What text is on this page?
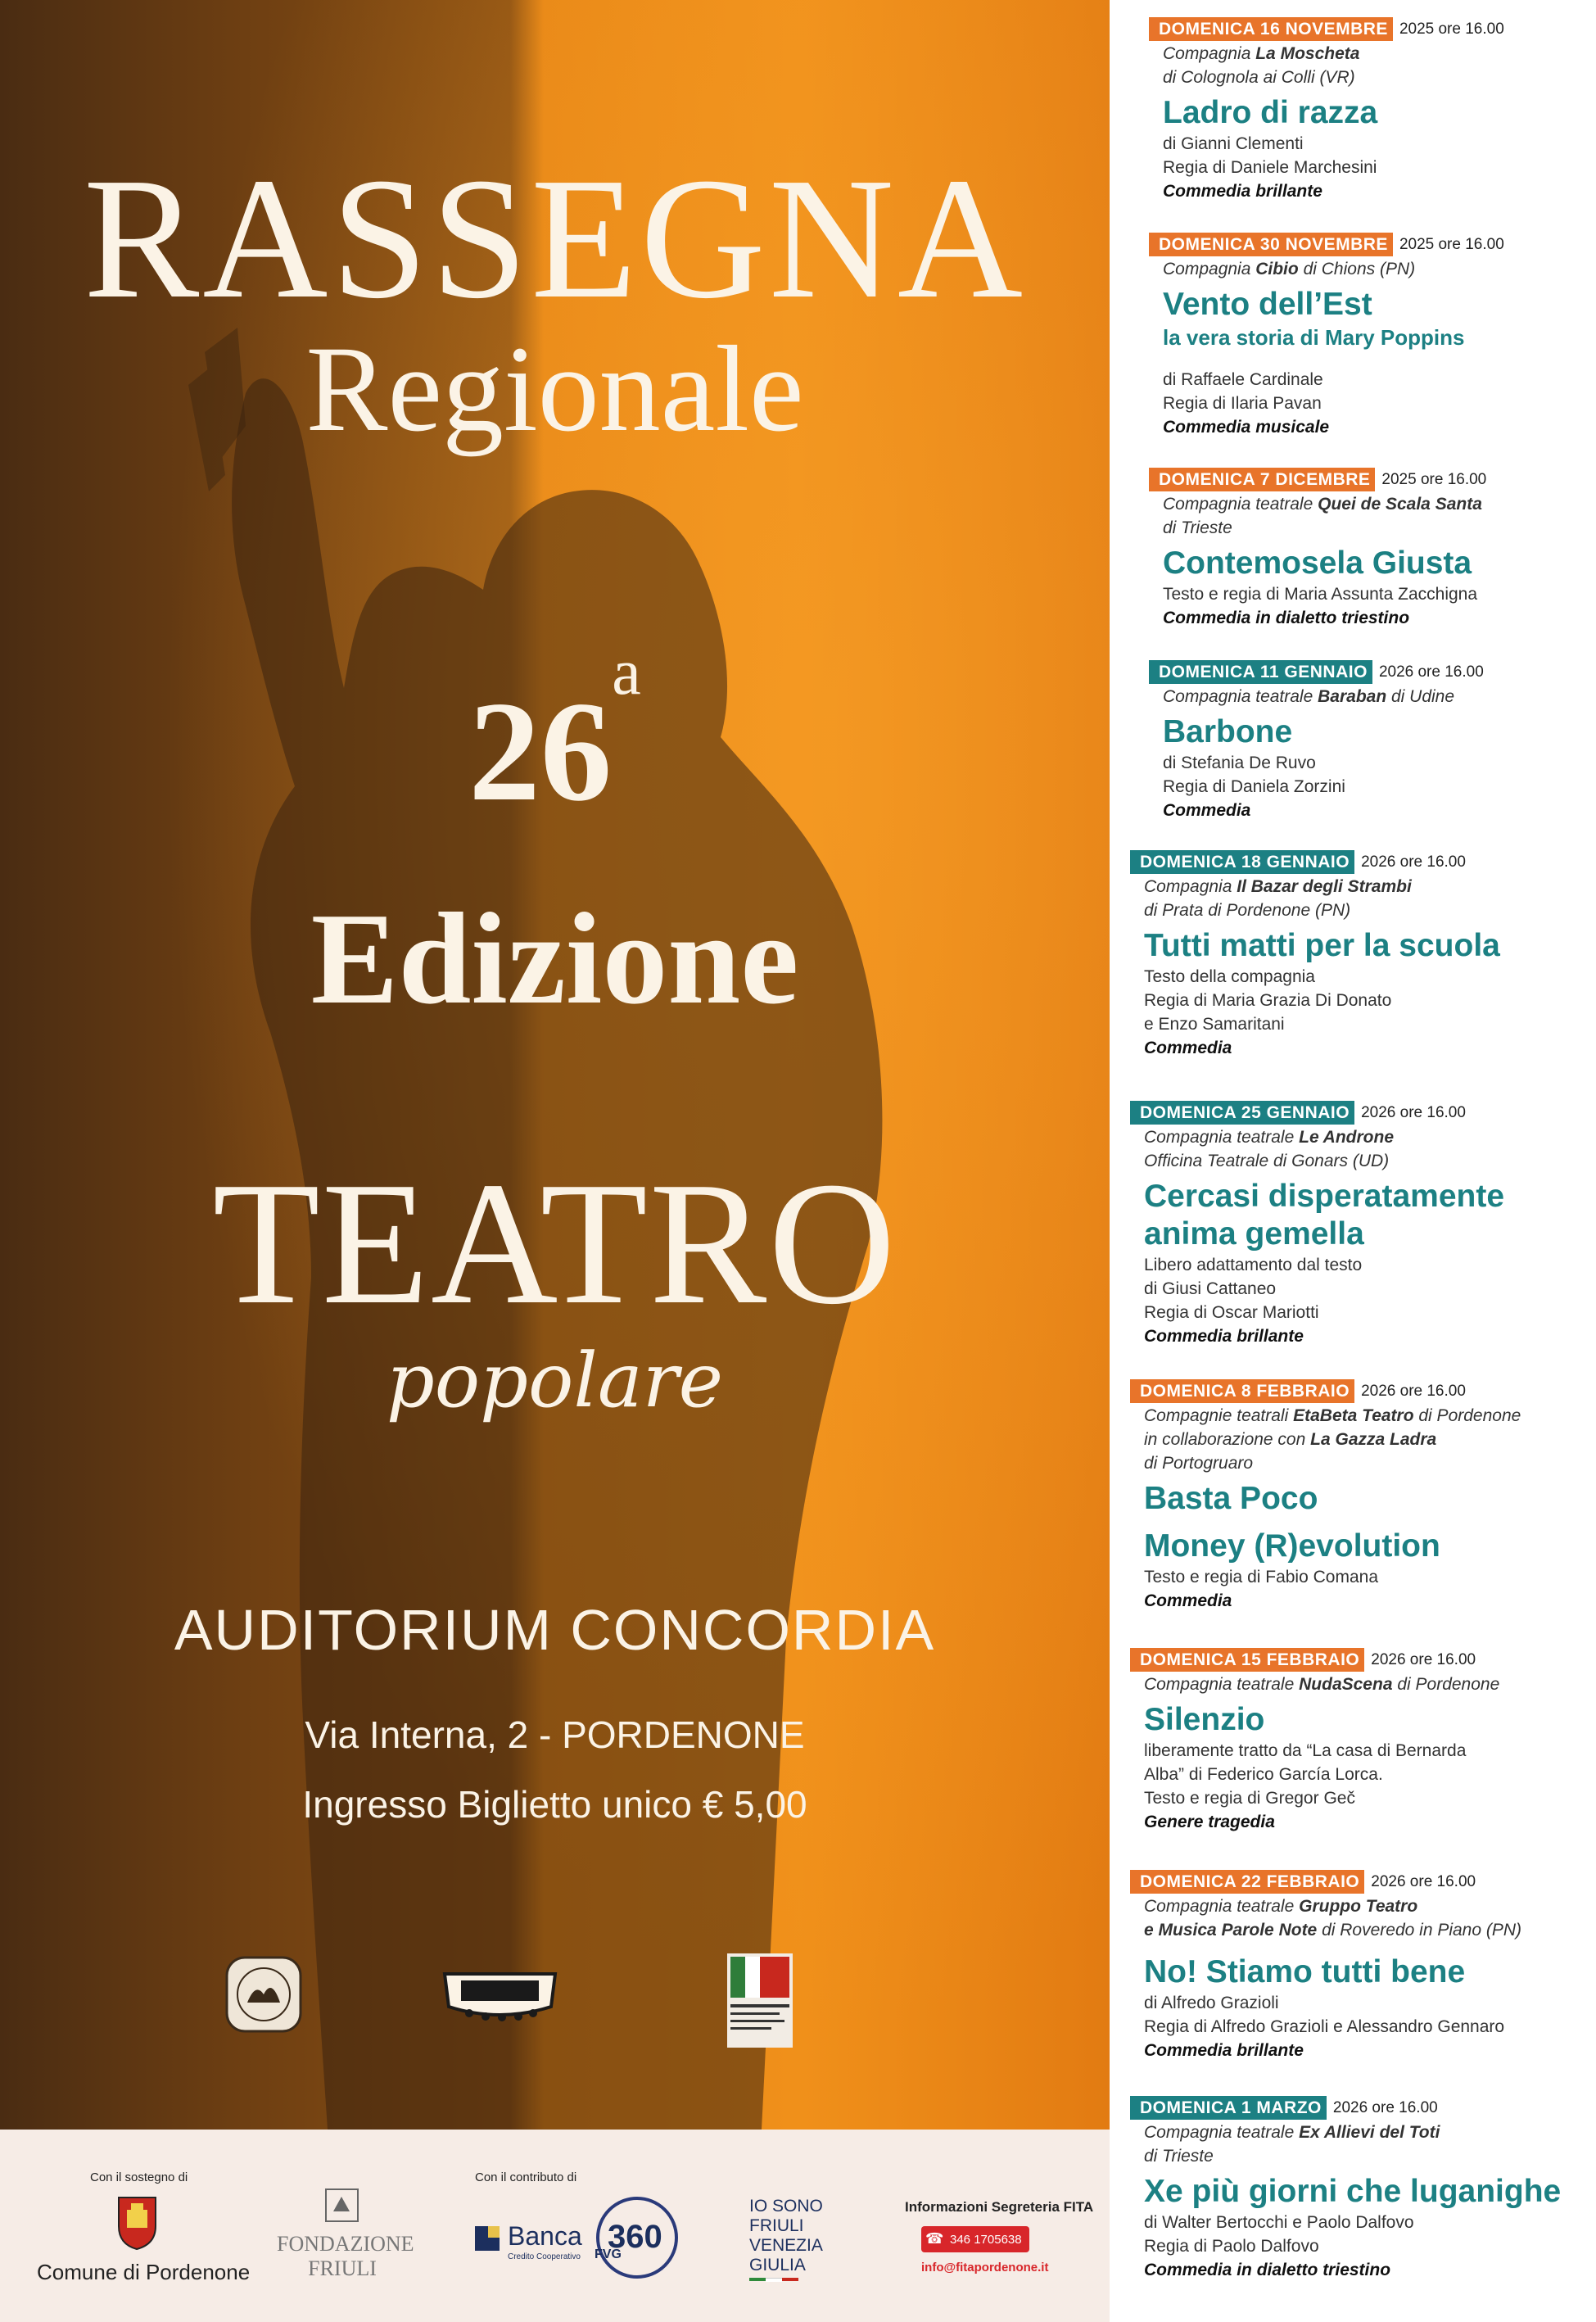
RASSEGNA
Regionale
26$^a$
Edizione
TEATRO
popolare
AUDITORIUM CONCORDIA
Via Interna, 2 - PORDENONE
Ingresso Biglietto unico € 5,00
Con il sostegno di
Comune di Pordenone
FONDAZIONE
FRIULI
Con il contributo di
Banca
Credito Cooperativo
360
FVG
IO SONO
FRIULI
VENEZIA
GIULIA
Informazioni Segreteria FITA
☎ 346 1705638
info@fitapordenone.it
DOMENICA 16 NOVEMBRE 2025 ore 16.00
Compagnia La Moscheta
di Colognola ai Colli (VR)
Ladro di razza
di Gianni Clementi
Regia di Daniele Marchesini
Commedia brillante
DOMENICA 30 NOVEMBRE 2025 ore 16.00
Compagnia Cibio di Chions (PN)
Vento dell’Est
la vera storia di Mary Poppins
di Raffaele Cardinale
Regia di Ilaria Pavan
Commedia musicale
DOMENICA 7 DICEMBRE 2025 ore 16.00
Compagnia teatrale Quei de Scala Santa
di Trieste
Contemosela Giusta
Testo e regia di Maria Assunta Zacchigna
Commedia in dialetto triestino
DOMENICA 11 GENNAIO 2026 ore 16.00
Compagnia teatrale Baraban di Udine
Barbone
di Stefania De Ruvo
Regia di Daniela Zorzini
Commedia
DOMENICA 18 GENNAIO 2026 ore 16.00
Compagnia Il Bazar degli Strambi
di Prata di Pordenone (PN)
Tutti matti per la scuola
Testo della compagnia
Regia di Maria Grazia Di Donato
e Enzo Samaritani
Commedia
DOMENICA 25 GENNAIO 2026 ore 16.00
Compagnia teatrale Le Androne
Officina Teatrale di Gonars (UD)
Cercasi disperatamente
anima gemella
Libero adattamento dal testo
di Giusi Cattaneo
Regia di Oscar Mariotti
Commedia brillante
DOMENICA 8 FEBBRAIO 2026 ore 16.00
Compagnie teatrali EtaBeta Teatro di Pordenone
in collaborazione con La Gazza Ladra
di Portogruaro
Basta Poco
Money (R)evolution
Testo e regia di Fabio Comana
Commedia
DOMENICA 15 FEBBRAIO 2026 ore 16.00
Compagnia teatrale NudaScena di Pordenone
Silenzio
liberamente tratto da “La casa di Bernarda
Alba” di Federico García Lorca.
Testo e regia di Gregor Geč
Genere tragedia
DOMENICA 22 FEBBRAIO 2026 ore 16.00
Compagnia teatrale Gruppo Teatro
e Musica Parole Note di Roveredo in Piano (PN)
No! Stiamo tutti bene
di Alfredo Grazioli
Regia di Alfredo Grazioli e Alessandro Gennaro
Commedia brillante
DOMENICA 1 MARZO 2026 ore 16.00
Compagnia teatrale Ex Allievi del Toti
di Trieste
Xe più giorni che luganighe
di Walter Bertocchi e Paolo Dalfovo
Regia di Paolo Dalfovo
Commedia in dialetto triestino
